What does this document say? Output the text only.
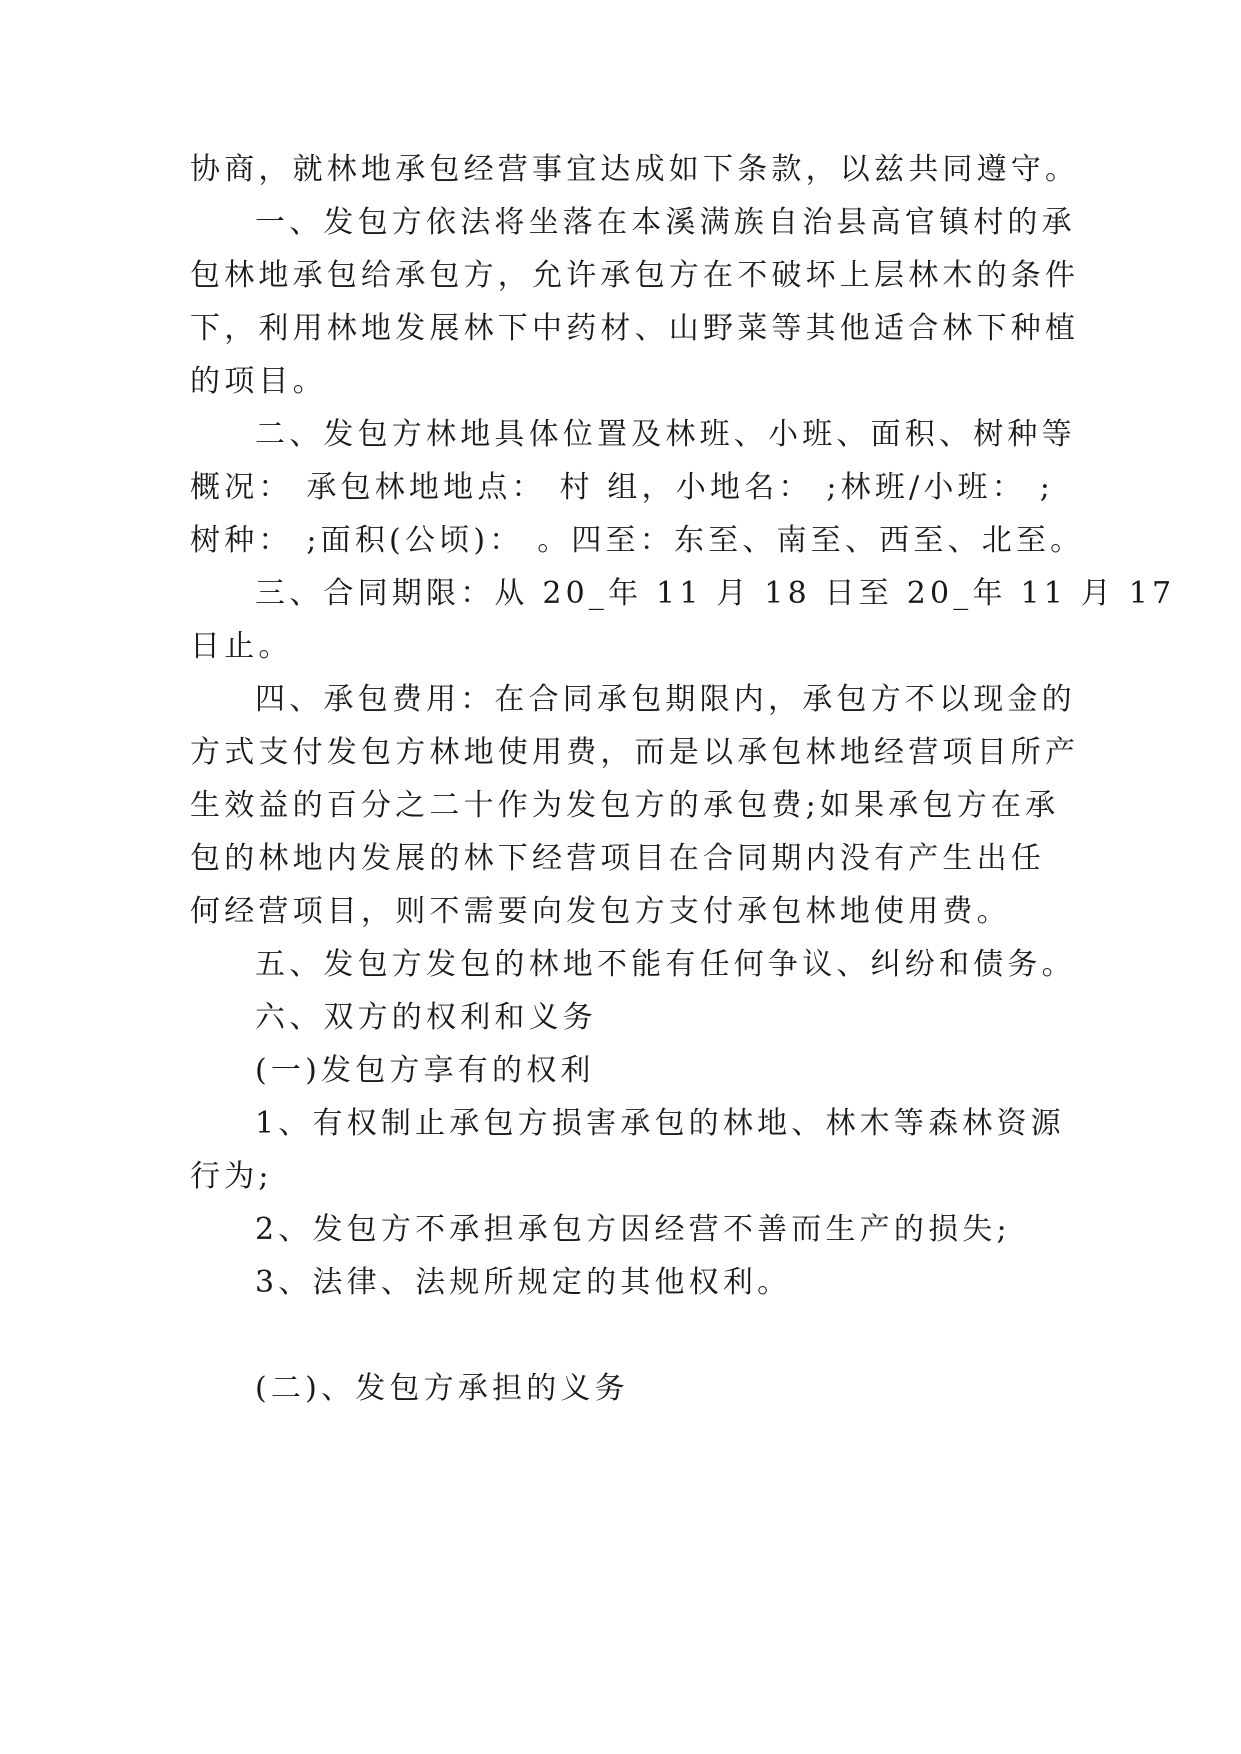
协商，就林地承包经营事宜达成如下条款，以兹共同遵守。
一、发包方依法将坐落在本溪满族自治县高官镇村的承
包林地承包给承包方，允许承包方在不破坏上层林木的条件
下，利用林地发展林下中药材、山野菜等其他适合林下种植
的项目。
二、发包方林地具体位置及林班、小班、面积、树种等
概况： 承包林地地点： 村 组，小地名： ;林班/小班： ;
树种： ;面积(公顷)： 。四至：东至、南至、西至、北至。
三、合同期限：从 20_年 11 月 18 日至 20_年 11 月 17
日止。
四、承包费用：在合同承包期限内，承包方不以现金的
方式支付发包方林地使用费，而是以承包林地经营项目所产
生效益的百分之二十作为发包方的承包费;如果承包方在承
包的林地内发展的林下经营项目在合同期内没有产生出任
何经营项目，则不需要向发包方支付承包林地使用费。
五、发包方发包的林地不能有任何争议、纠纷和债务。
六、双方的权利和义务
(一)发包方享有的权利
1、有权制止承包方损害承包的林地、林木等森林资源
行为;
2、发包方不承担承包方因经营不善而生产的损失;
3、法律、法规所规定的其他权利。
(二)、发包方承担的义务
